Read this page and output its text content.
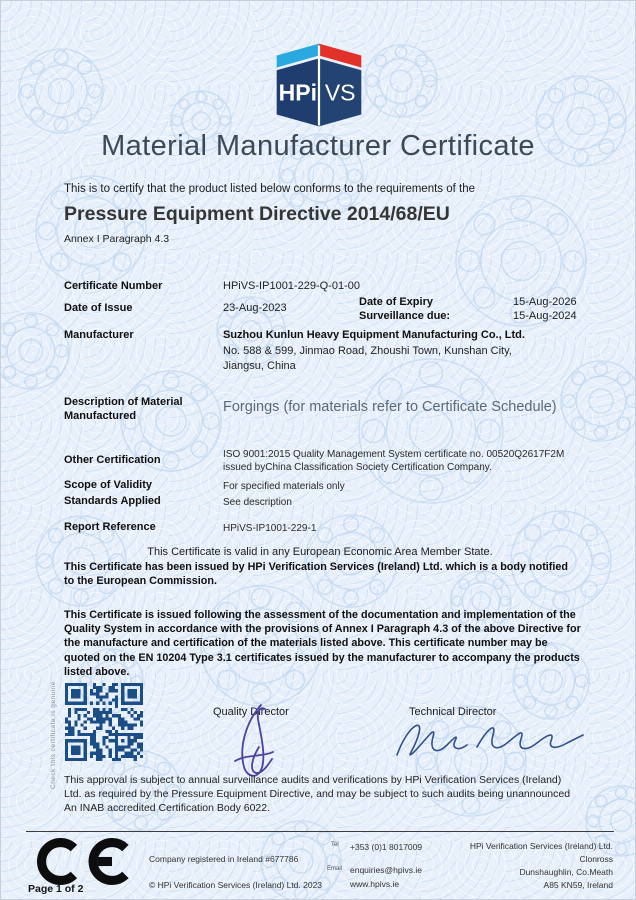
HPi VS
Material Manufacturer Certificate
This is to certify that the product listed below conforms to the requirements of the
Pressure Equipment Directive 2014/68/EU
Annex I Paragraph 4.3
Certificate Number	HPiVS-IP1001-229-Q-01-00
Date of Issue	23-Aug-2023	Date of Expiry	15-Aug-2026
Surveillance due:	15-Aug-2024
Manufacturer	Suzhou Kunlun Heavy Equipment Manufacturing Co., Ltd.
No. 588 & 599, Jinmao Road, Zhoushi Town, Kunshan City,
Jiangsu, China
Description of Material Manufactured
Forgings (for materials refer to Certificate Schedule)
Other Certification	ISO 9001:2015 Quality Management System certificate no. 00520Q2617F2M issued byChina Classification Society Certification Company.
Scope of Validity	For specified materials only
Standards Applied	See description
Report Reference	HPiVS-IP1001-229-1
This Certificate is valid in any European Economic Area Member State.
This Certificate has been issued by HPi Verification Services (Ireland) Ltd. which is a body notified to the European Commission.
This Certificate is issued following the assessment of the documentation and implementation of the Quality System in accordance with the provisions of Annex I Paragraph 4.3 of the above Directive for the manufacture and certification of the materials listed above. This certificate number may be quoted on the EN 10204 Type 3.1 certificates issued by the manufacturer to accompany the products listed above.
Check this certificate is genuine	Quality Director	Technical Director
This approval is subject to annual surveillance audits and verifications by HPi Verification Services (Ireland) Ltd. as required by the Pressure Equipment Directive, and may be subject to such audits being unannounced An INAB accredited Certification Body 6022.
Page 1 of 2
Company registered in Ireland #677786
© HPi Verification Services (Ireland) Ltd. 2023
Tel +353 (0)1 8017009
Email enquiries@hpivs.ie
www.hpivs.ie
HPi Verification Services (Ireland) Ltd.
Clonross
Dunshaughlin, Co.Meath
A85 KN59, Ireland
